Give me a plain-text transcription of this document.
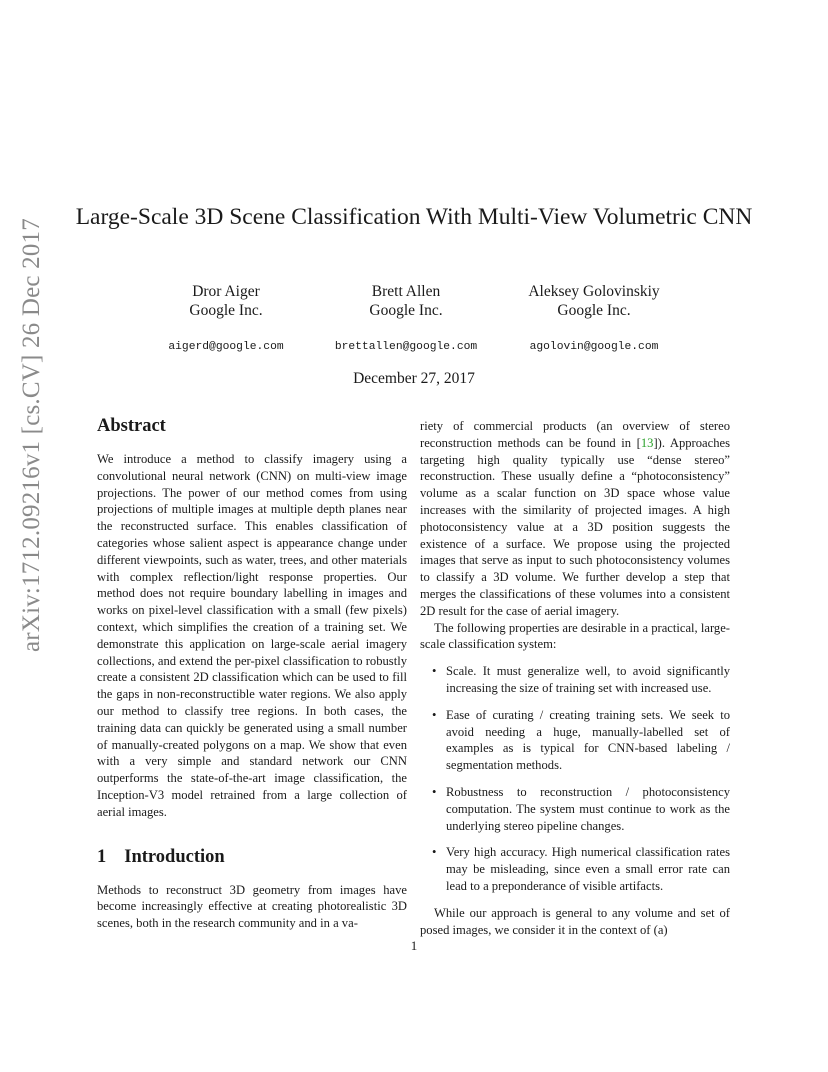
arXiv:1712.09216v1 [cs.CV] 26 Dec 2017
Large-Scale 3D Scene Classification With Multi-View Volumetric CNN
Dror Aiger
Google Inc.
Brett Allen
Google Inc.
Aleksey Golovinskiy
Google Inc.
aigerd@google.com	brettallen@google.com	agolovin@google.com
December 27, 2017
Abstract

We introduce a method to classify imagery using a convolutional neural network (CNN) on multi-view image projections. The power of our method comes from using projections of multiple images at multiple depth planes near the reconstructed surface. This enables classification of categories whose salient aspect is appearance change under different viewpoints, such as water, trees, and other materials with complex reflection/light response properties. Our method does not require boundary labelling in images and works on pixel-level classification with a small (few pixels) context, which simplifies the creation of a training set. We demonstrate this application on large-scale aerial imagery collections, and extend the per-pixel classification to robustly create a consistent 2D classification which can be used to fill the gaps in non-reconstructible water regions. We also apply our method to classify tree regions. In both cases, the training data can quickly be generated using a small number of manually-created polygons on a map. We show that even with a very simple and standard network our CNN outperforms the state-of-the-art image classification, the Inception-V3 model retrained from a large collection of aerial images.

1 Introduction

Methods to reconstruct 3D geometry from images have become increasingly effective at creating photorealistic 3D scenes, both in the research community and in a va-

riety of commercial products (an overview of stereo reconstruction methods can be found in [13]). Approaches targeting high quality typically use “dense stereo” reconstruction. These usually define a “photoconsistency” volume as a scalar function on 3D space whose value increases with the similarity of projected images. A high photoconsistency value at a 3D position suggests the existence of a surface. We propose using the projected images that serve as input to such photoconsistency volumes to classify a 3D volume. We further develop a step that merges the classifications of these volumes into a consistent 2D result for the case of aerial imagery.

The following properties are desirable in a practical, large-scale classification system:

• Scale. It must generalize well, to avoid significantly increasing the size of training set with increased use.
• Ease of curating / creating training sets. We seek to avoid needing a huge, manually-labelled set of examples as is typical for CNN-based labeling / segmentation methods.
• Robustness to reconstruction / photoconsistency computation. The system must continue to work as the underlying stereo pipeline changes.
• Very high accuracy. High numerical classification rates may be misleading, since even a small error rate can lead to a preponderance of visible artifacts.

While our approach is general to any volume and set of posed images, we consider it in the context of (a)

1
